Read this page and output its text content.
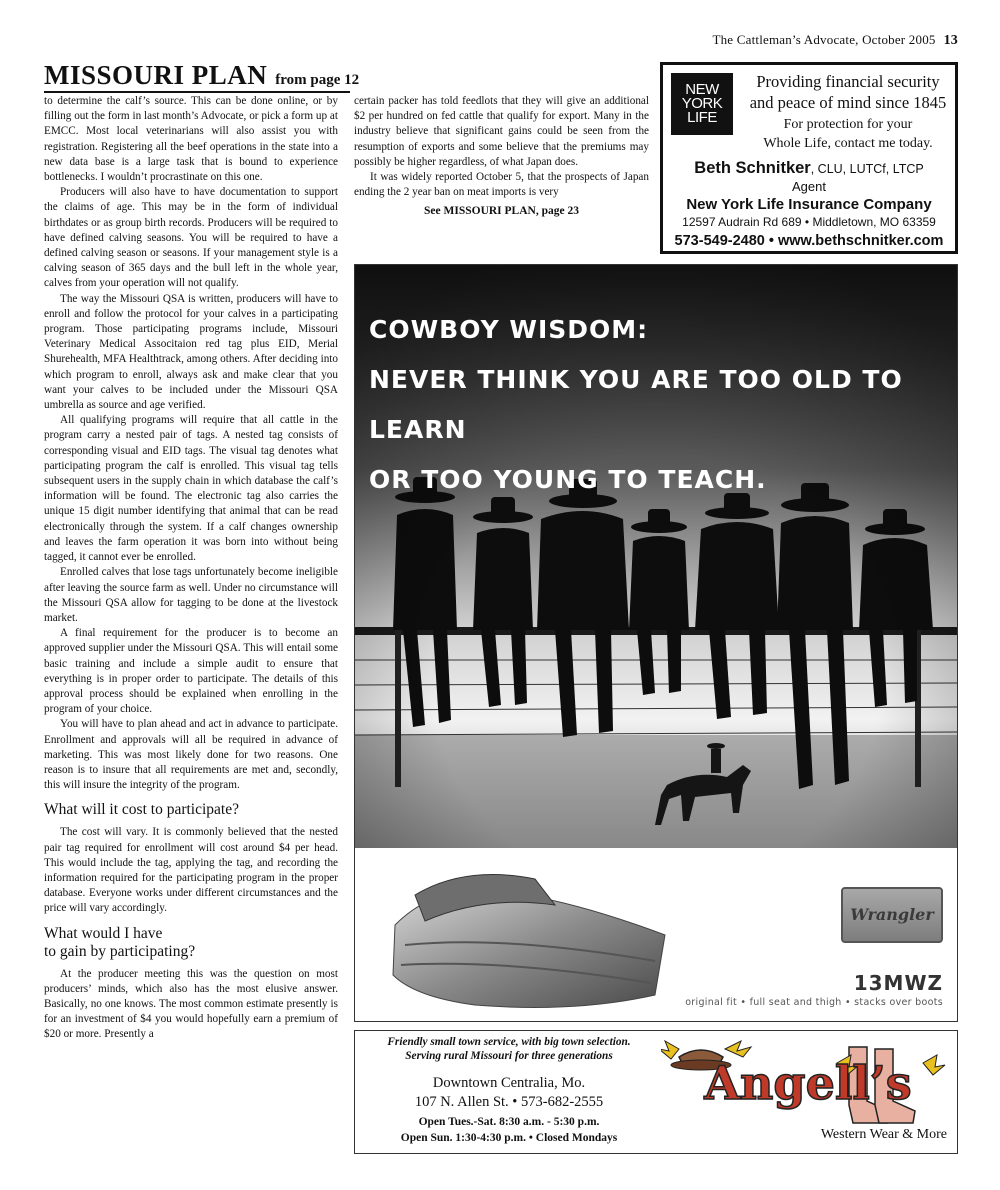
The Cattleman’s Advocate, October 2005 13
MISSOURI PLAN from page 12

to determine the calf’s source. This can be done online, or by filling out the form in last month’s Advocate, or pick a form up at EMCC. Most local veterinarians will also assist you with registration. Registering all the beef operations in the state into a new data base is a large task that is bound to experience bottlenecks. I wouldn’t procrastinate on this one.

Producers will also have to have documentation to support the claims of age. This may be in the form of individual birthdates or as group birth records. Producers will be required to have defined calving seasons. You will be required to have a defined calving season or seasons. If your management style is a calving season of 365 days and the bull left in the whole year, calves from your operation will not qualify.

The way the Missouri QSA is written, producers will have to enroll and follow the protocol for your calves in a participating program. Those participating programs include, Missouri Veterinary Medical Associtaion red tag plus EID, Merial Shurehealth, MFA Healthtrack, among others. After deciding into which program to enroll, always ask and make clear that you want your calves to be included under the Missouri QSA umbrella as source and age verified.

All qualifying programs will require that all cattle in the program carry a nested pair of tags. A nested tag consists of corresponding visual and EID tags. The visual tag denotes what participating program the calf is enrolled. This visual tag tells subsequent users in the supply chain in which database the calf’s information will be found. The electronic tag also carries the unique 15 digit number identifying that animal that can be read electronically through the system. If a calf changes ownership and leaves the farm operation it was born into without being tagged, it cannot ever be enrolled.

Enrolled calves that lose tags unfortunately become ineligible after leaving the source farm as well. Under no circumstance will the Missouri QSA allow for tagging to be done at the livestock market.

A final requirement for the producer is to become an approved supplier under the Missouri QSA. This will entail some basic training and include a simple audit to ensure that everything is in proper order to participate. The details of this approval process should be explained when enrolling in the program of your choice.

You will have to plan ahead and act in advance to participate. Enrollment and approvals will all be required in advance of marketing. This was most likely done for two reasons. One reason is to insure that all requirements are met and, secondly, this will insure the integrity of the program.

What will it cost to participate?

The cost will vary. It is commonly believed that the nested pair tag required for enrollment will cost around $4 per head. This would include the tag, applying the tag, and recording the information required for the participating program in the proper database. Everyone works under different circumstances and the price will vary accordingly.

What would I have
to gain by participating?

At the producer meeting this was the question on most producers’ minds, which also has the most elusive answer. Basically, no one knows. The most common estimate presently is for an investment of $4 you would hopefully earn a premium of $20 or more. Presently a

certain packer has told feedlots that they will give an additional $2 per hundred on fed cattle that qualify for export. Many in the industry believe that significant gains could be seen from the resumption of exports and some believe that the premiums may possibly be higher regardless, of what Japan does.

It was widely reported October 5, that the prospects of Japan ending the 2 year ban on meat imports is very

See MISSOURI PLAN, page 23

NEW
YORK
LIFE
Providing financial security
and peace of mind since 1845
For protection for your
Whole Life, contact me today.
Beth Schnitker, CLU, LUTCf, LTCP
Agent
New York Life Insurance Company
12597 Audrain Rd 689 • Middletown, MO 63359
573-549-2480 • www.bethschnitker.com
COWBOY WISDOM:
NEVER THINK YOU ARE TOO OLD TO LEARN
OR TOO YOUNG TO TEACH.
Wrangler
13MWZ
original fit • full seat and thigh • stacks over boots
Friendly small town service, with big town selection.
Serving rural Missouri for three generations
Downtown Centralia, Mo.
107 N. Allen St. • 573-682-2555
Open Tues.-Sat. 8:30 a.m. - 5:30 p.m.
Open Sun. 1:30-4:30 p.m. • Closed Mondays
Angell’s
Western Wear & More
